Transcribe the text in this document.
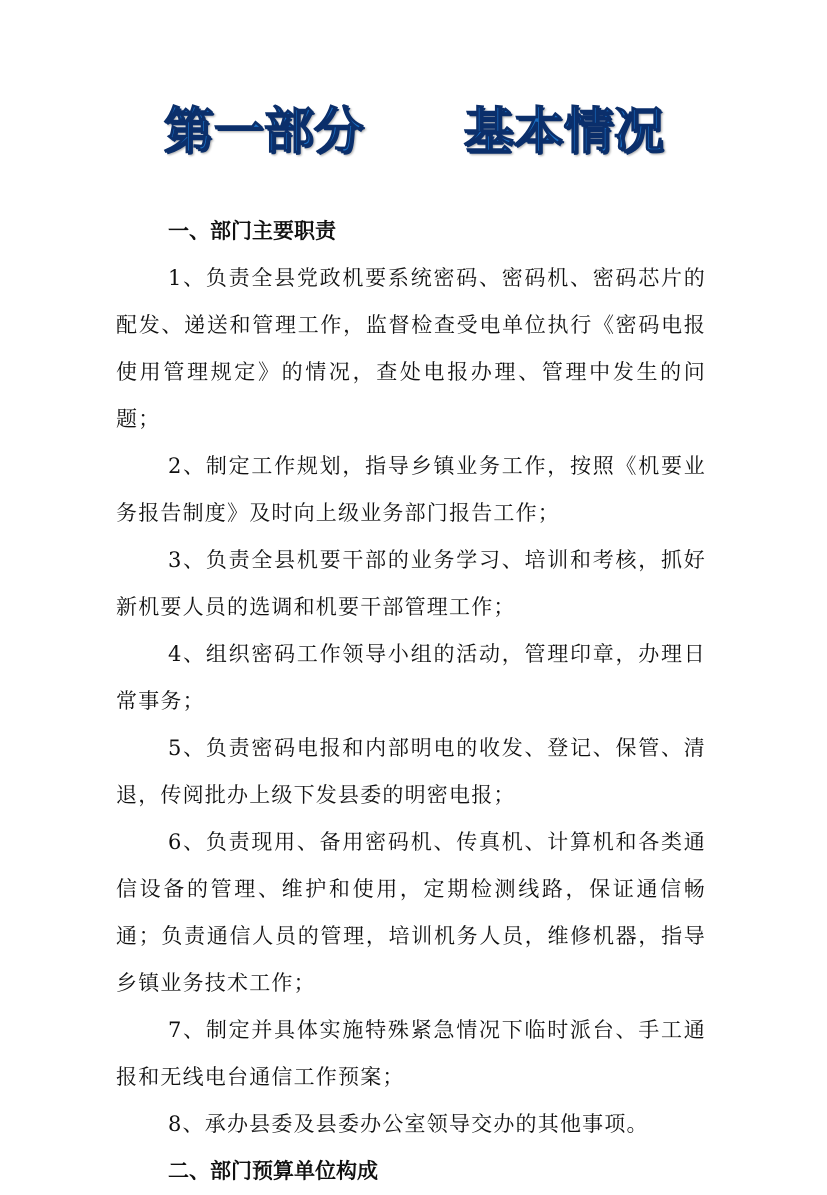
第一部分　　基本情况

一、部门主要职责

1、负责全县党政机要系统密码、密码机、密码芯片的配发、递送和管理工作，监督检查受电单位执行《密码电报使用管理规定》的情况，查处电报办理、管理中发生的问题；

2、制定工作规划，指导乡镇业务工作，按照《机要业务报告制度》及时向上级业务部门报告工作；

3、负责全县机要干部的业务学习、培训和考核，抓好新机要人员的选调和机要干部管理工作；

4、组织密码工作领导小组的活动，管理印章，办理日常事务；

5、负责密码电报和内部明电的收发、登记、保管、清退，传阅批办上级下发县委的明密电报；

6、负责现用、备用密码机、传真机、计算机和各类通信设备的管理、维护和使用，定期检测线路，保证通信畅通；负责通信人员的管理，培训机务人员，维修机器，指导乡镇业务技术工作；

7、制定并具体实施特殊紧急情况下临时派台、手工通报和无线电台通信工作预案；

8、承办县委及县委办公室领导交办的其他事项。

二、部门预算单位构成
